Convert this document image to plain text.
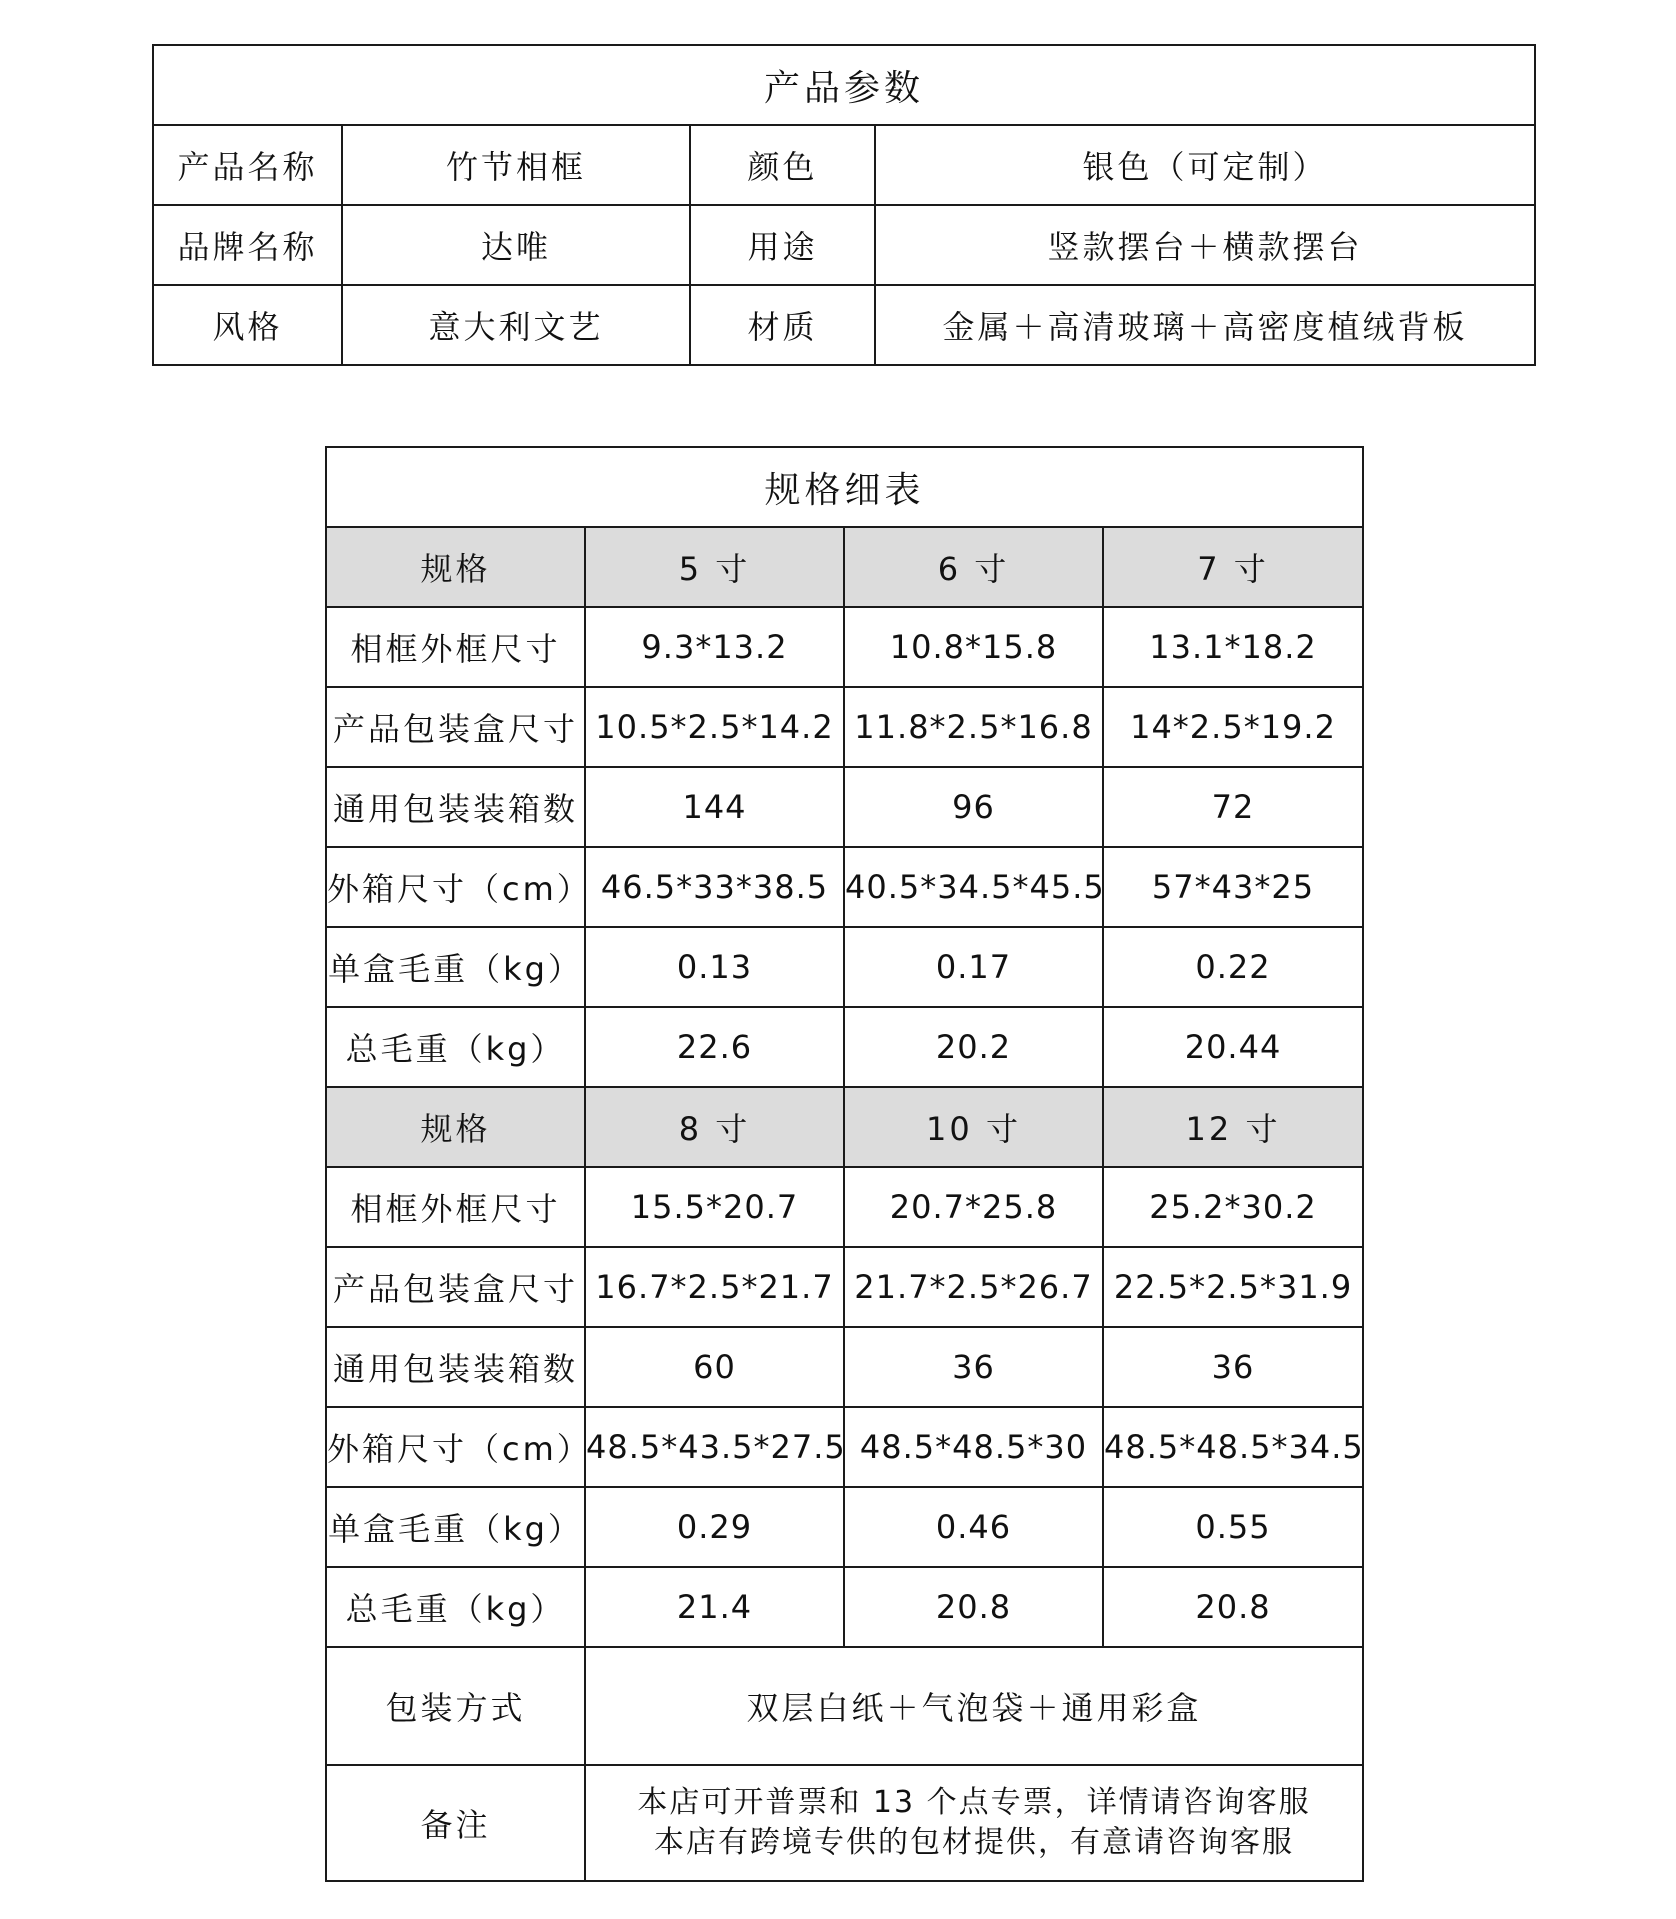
产品参数			
产品名称	竹节相框	颜色	银色（可定制）
品牌名称	达唯	用途	竖款摆台＋横款摆台
风格	意大利文艺	材质	金属＋高清玻璃＋高密度植绒背板
规格细表			
规格	5 寸	6 寸	7 寸
相框外框尺寸	9.3*13.2	10.8*15.8	13.1*18.2
产品包装盒尺寸	10.5*2.5*14.2	11.8*2.5*16.8	14*2.5*19.2
通用包装装箱数	144	96	72
外箱尺寸（cm）	46.5*33*38.5	40.5*34.5*45.5	57*43*25
单盒毛重（kg）	0.13	0.17	0.22
总毛重（kg）	22.6	20.2	20.44
规格	8 寸	10 寸	12 寸
相框外框尺寸	15.5*20.7	20.7*25.8	25.2*30.2
产品包装盒尺寸	16.7*2.5*21.7	21.7*2.5*26.7	22.5*2.5*31.9
通用包装装箱数	60	36	36
外箱尺寸（cm）	48.5*43.5*27.5	48.5*48.5*30	48.5*48.5*34.5
单盒毛重（kg）	0.29	0.46	0.55
总毛重（kg）	21.4	20.8	20.8
包装方式	双层白纸＋气泡袋＋通用彩盒		
备注	本店可开普票和 13 个点专票，详情请咨询客服
本店有跨境专供的包材提供，有意请咨询客服		
